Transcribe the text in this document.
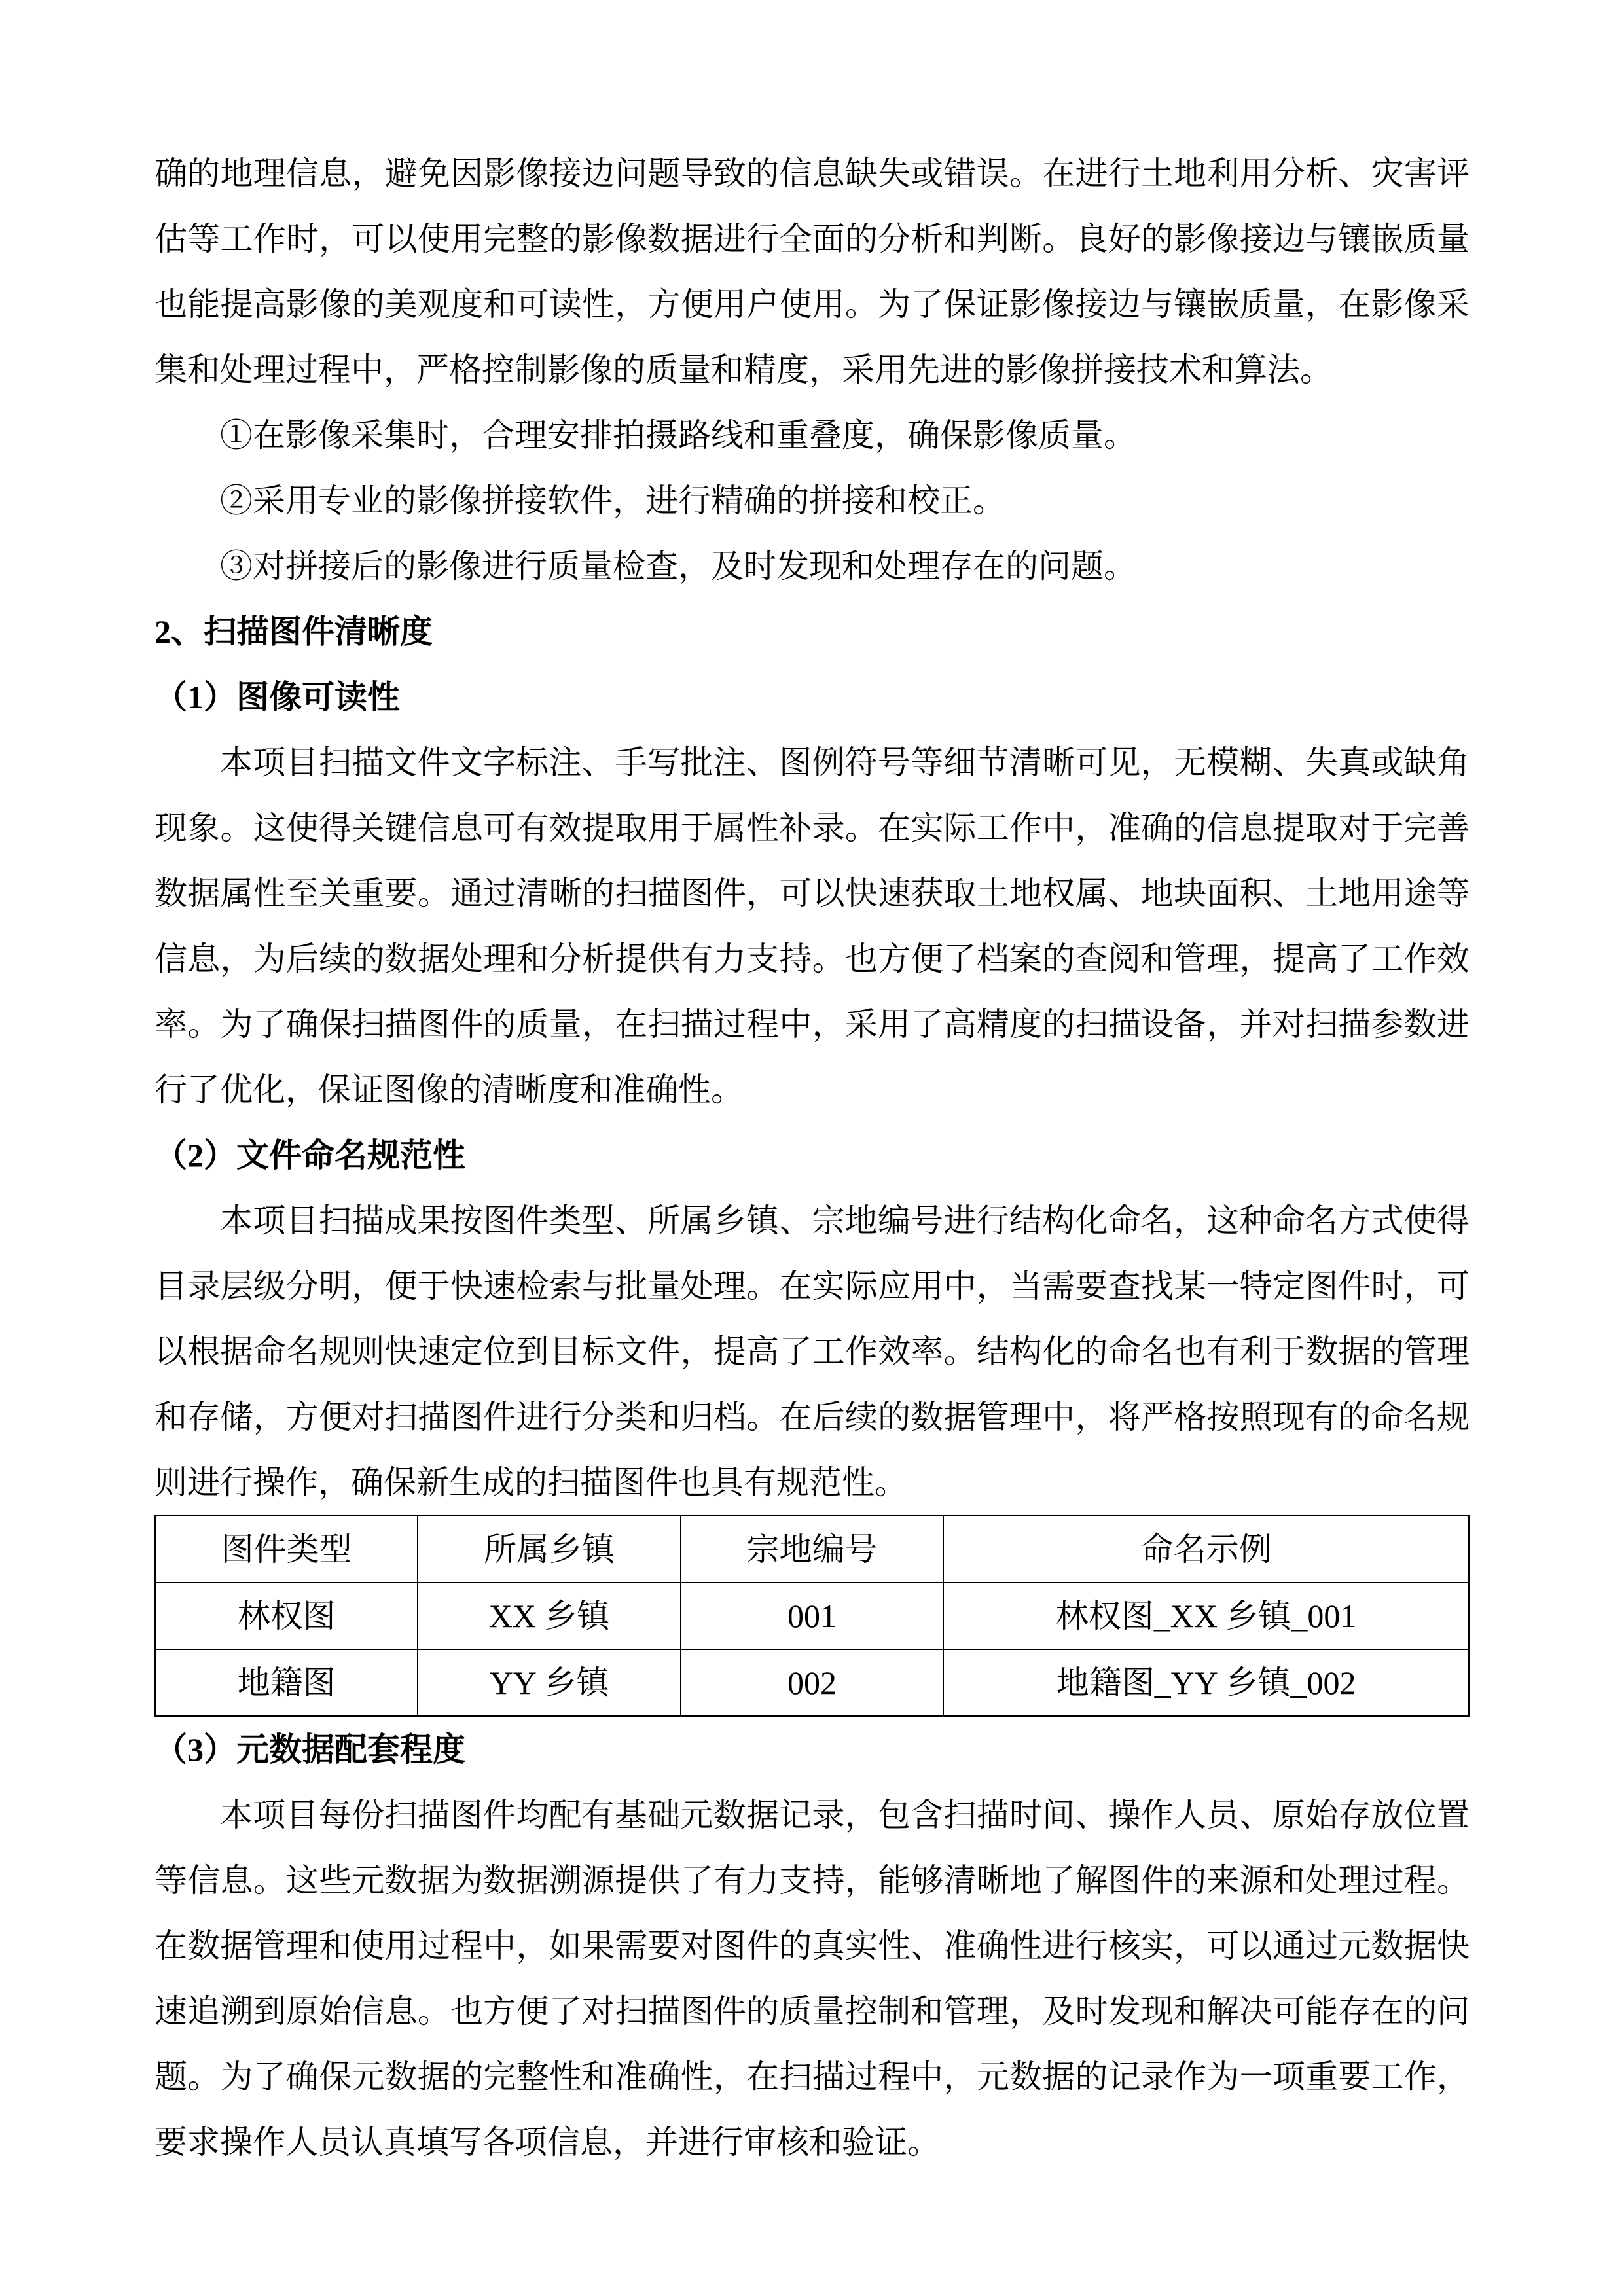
确的地理信息，避免因影像接边问题导致的信息缺失或错误。在进行土地利用分析、灾害评估等工作时，可以使用完整的影像数据进行全面的分析和判断。良好的影像接边与镶嵌质量也能提高影像的美观度和可读性，方便用户使用。为了保证影像接边与镶嵌质量，在影像采集和处理过程中，严格控制影像的质量和精度，采用先进的影像拼接技术和算法。

①在影像采集时，合理安排拍摄路线和重叠度，确保影像质量。

②采用专业的影像拼接软件，进行精确的拼接和校正。

③对拼接后的影像进行质量检查，及时发现和处理存在的问题。

2、扫描图件清晰度
（1）图像可读性

本项目扫描文件文字标注、手写批注、图例符号等细节清晰可见，无模糊、失真或缺角现象。这使得关键信息可有效提取用于属性补录。在实际工作中，准确的信息提取对于完善数据属性至关重要。通过清晰的扫描图件，可以快速获取土地权属、地块面积、土地用途等信息，为后续的数据处理和分析提供有力支持。也方便了档案的查阅和管理，提高了工作效率。为了确保扫描图件的质量，在扫描过程中，采用了高精度的扫描设备，并对扫描参数进行了优化，保证图像的清晰度和准确性。

（2）文件命名规范性

本项目扫描成果按图件类型、所属乡镇、宗地编号进行结构化命名，这种命名方式使得目录层级分明，便于快速检索与批量处理。在实际应用中，当需要查找某一特定图件时，可以根据命名规则快速定位到目标文件，提高了工作效率。结构化的命名也有利于数据的管理和存储，方便对扫描图件进行分类和归档。在后续的数据管理中，将严格按照现有的命名规则进行操作，确保新生成的扫描图件也具有规范性。

图件类型	所属乡镇	宗地编号	命名示例
林权图	XX 乡镇	001	林权图_XX 乡镇_001
地籍图	YY 乡镇	002	地籍图_YY 乡镇_002
（3）元数据配套程度

本项目每份扫描图件均配有基础元数据记录，包含扫描时间、操作人员、原始存放位置等信息。这些元数据为数据溯源提供了有力支持，能够清晰地了解图件的来源和处理过程。在数据管理和使用过程中，如果需要对图件的真实性、准确性进行核实，可以通过元数据快速追溯到原始信息。也方便了对扫描图件的质量控制和管理，及时发现和解决可能存在的问题。为了确保元数据的完整性和准确性，在扫描过程中，元数据的记录作为一项重要工作，要求操作人员认真填写各项信息，并进行审核和验证。
